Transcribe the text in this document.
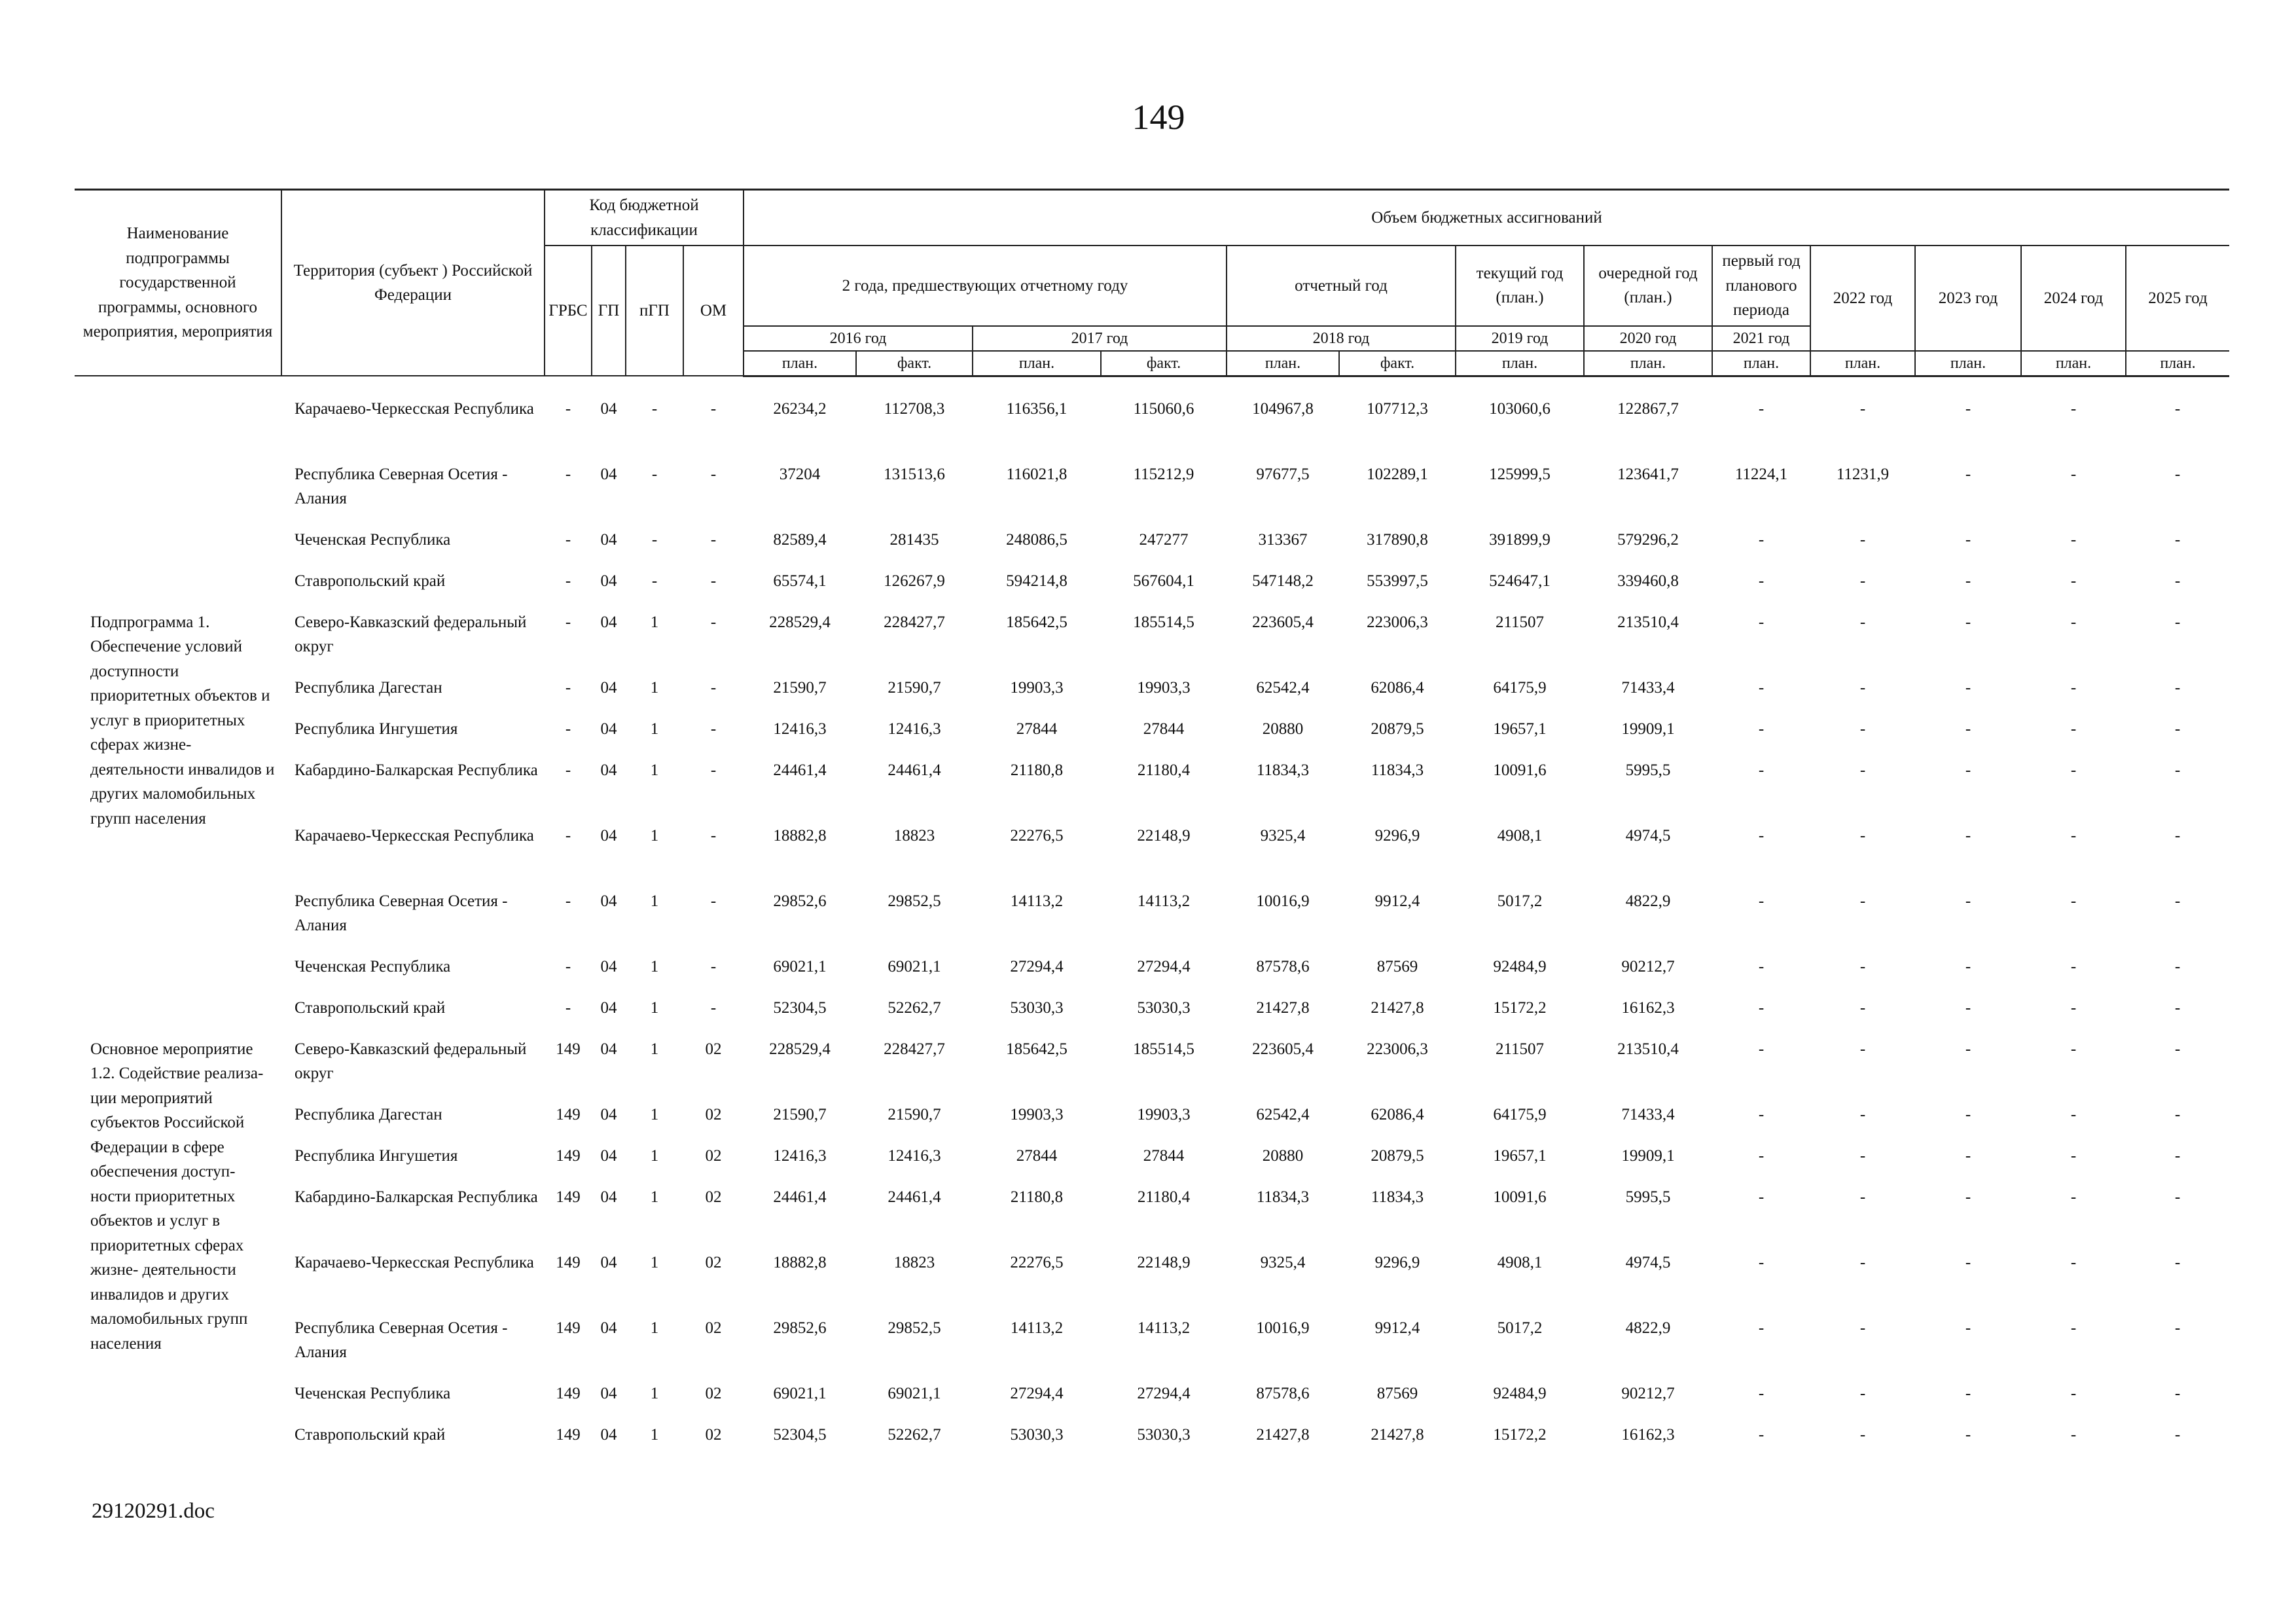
149
Наименование подпрограммы государственной программы, основного мероприятия, мероприятия	Территория (субъект ) Российской Федерации	Код бюджетной классификации				Объем бюджетных ассигнований												
		ГРБС	ГП	пГП	ОМ	2 года, предшествующих отчетному году				отчетный год		текущий год (план.)	очередной год (план.)	первый год планового периода	2022 год	2023 год	2024 год	2025 год
						2016 год		2017 год		2018 год		2019 год	2020 год	2021 год				
						план.	факт.	план.	факт.	план.	факт.	план.	план.	план.	план.	план.	план.	план.

	Карачаево-Черкесская Республика	-	04	-	-	26234,2	112708,3	116356,1	115060,6	104967,8	107712,3	103060,6	122867,7	-	-	-	-	-
	Республика Северная Осетия - Алания	-	04	-	-	37204	131513,6	116021,8	115212,9	97677,5	102289,1	125999,5	123641,7	11224,1	11231,9	-	-	-
	Чеченская Республика	-	04	-	-	82589,4	281435	248086,5	247277	313367	317890,8	391899,9	579296,2	-	-	-	-	-
	Ставропольский край	-	04	-	-	65574,1	126267,9	594214,8	567604,1	547148,2	553997,5	524647,1	339460,8	-	-	-	-	-
Подпрограмма 1. Обеспечение условий доступности приоритетных объектов и услуг в приоритетных сферах жизне- деятельности инвалидов и других маломобильных групп населения	Северо-Кавказский федеральный округ	-	04	1	-	228529,4	228427,7	185642,5	185514,5	223605,4	223006,3	211507	213510,4	-	-	-	-	-
	Республика Дагестан	-	04	1	-	21590,7	21590,7	19903,3	19903,3	62542,4	62086,4	64175,9	71433,4	-	-	-	-	-
	Республика Ингушетия	-	04	1	-	12416,3	12416,3	27844	27844	20880	20879,5	19657,1	19909,1	-	-	-	-	-
	Кабардино-Балкарская Республика	-	04	1	-	24461,4	24461,4	21180,8	21180,4	11834,3	11834,3	10091,6	5995,5	-	-	-	-	-
	Карачаево-Черкесская Республика	-	04	1	-	18882,8	18823	22276,5	22148,9	9325,4	9296,9	4908,1	4974,5	-	-	-	-	-
	Республика Северная Осетия - Алания	-	04	1	-	29852,6	29852,5	14113,2	14113,2	10016,9	9912,4	5017,2	4822,9	-	-	-	-	-
	Чеченская Республика	-	04	1	-	69021,1	69021,1	27294,4	27294,4	87578,6	87569	92484,9	90212,7	-	-	-	-	-
	Ставропольский край	-	04	1	-	52304,5	52262,7	53030,3	53030,3	21427,8	21427,8	15172,2	16162,3	-	-	-	-	-
Основное мероприятие 1.2. Содействие реализа- ции мероприятий субъектов Российской Федерации в сфере обеспечения доступ- ности приоритетных объектов и услуг в приоритетных сферах жизне- деятельности инвалидов и других маломобильных групп населения	Северо-Кавказский федеральный округ	149	04	1	02	228529,4	228427,7	185642,5	185514,5	223605,4	223006,3	211507	213510,4	-	-	-	-	-
	Республика Дагестан	149	04	1	02	21590,7	21590,7	19903,3	19903,3	62542,4	62086,4	64175,9	71433,4	-	-	-	-	-
	Республика Ингушетия	149	04	1	02	12416,3	12416,3	27844	27844	20880	20879,5	19657,1	19909,1	-	-	-	-	-
	Кабардино-Балкарская Республика	149	04	1	02	24461,4	24461,4	21180,8	21180,4	11834,3	11834,3	10091,6	5995,5	-	-	-	-	-
	Карачаево-Черкесская Республика	149	04	1	02	18882,8	18823	22276,5	22148,9	9325,4	9296,9	4908,1	4974,5	-	-	-	-	-
	Республика Северная Осетия - Алания	149	04	1	02	29852,6	29852,5	14113,2	14113,2	10016,9	9912,4	5017,2	4822,9	-	-	-	-	-
	Чеченская Республика	149	04	1	02	69021,1	69021,1	27294,4	27294,4	87578,6	87569	92484,9	90212,7	-	-	-	-	-
	Ставропольский край	149	04	1	02	52304,5	52262,7	53030,3	53030,3	21427,8	21427,8	15172,2	16162,3	-	-	-	-	-
29120291.doc
